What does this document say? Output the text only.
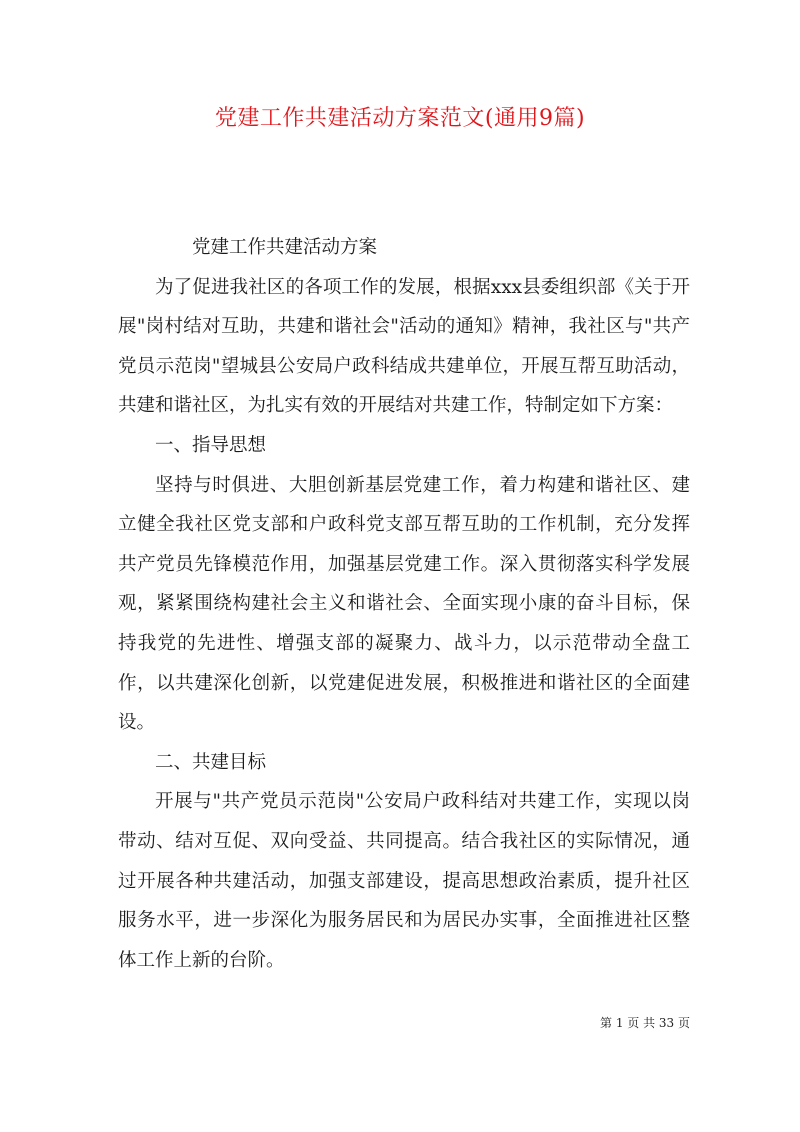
党建工作共建活动方案范文(通用9篇)

党建工作共建活动方案

为了促进我社区的各项工作的发展，根据xxx县委组织部《关于开展"岗村结对互助，共建和谐社会"活动的通知》精神，我社区与"共产党员示范岗"望城县公安局户政科结成共建单位，开展互帮互助活动，共建和谐社区，为扎实有效的开展结对共建工作，特制定如下方案：

一、指导思想

坚持与时俱进、大胆创新基层党建工作，着力构建和谐社区、建立健全我社区党支部和户政科党支部互帮互助的工作机制，充分发挥共产党员先锋模范作用，加强基层党建工作。深入贯彻落实科学发展观，紧紧围绕构建社会主义和谐社会、全面实现小康的奋斗目标，保持我党的先进性、增强支部的凝聚力、战斗力，以示范带动全盘工作，以共建深化创新，以党建促进发展，积极推进和谐社区的全面建设。

二、共建目标

开展与"共产党员示范岗"公安局户政科结对共建工作，实现以岗带动、结对互促、双向受益、共同提高。结合我社区的实际情况，通过开展各种共建活动，加强支部建设，提高思想政治素质，提升社区服务水平，进一步深化为服务居民和为居民办实事，全面推进社区整体工作上新的台阶。

第 1 页 共 33 页
